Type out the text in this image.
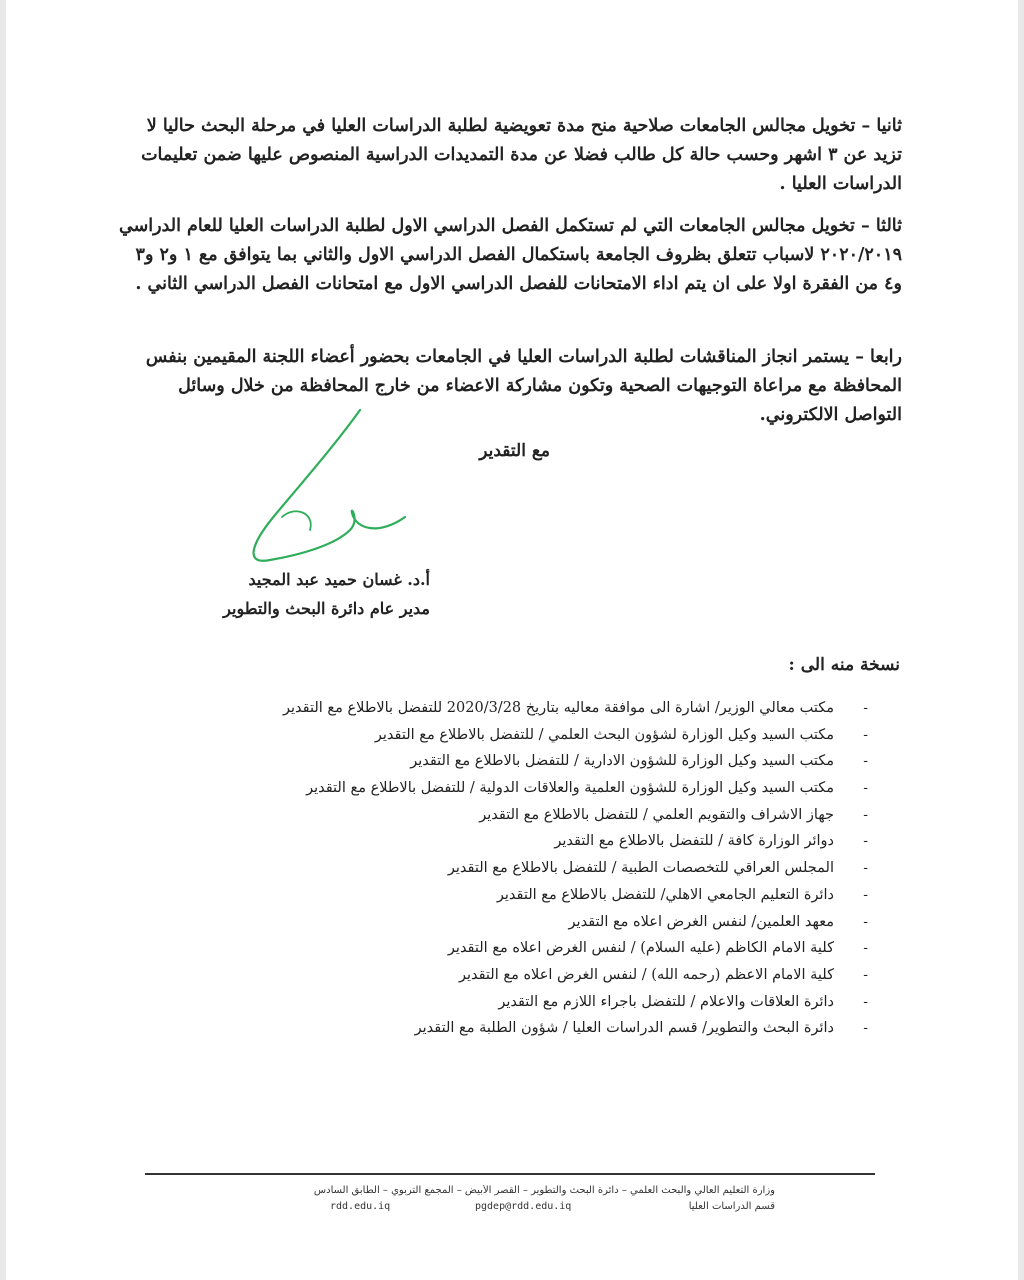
ثانيا – تخويل مجالس الجامعات صلاحية منح مدة تعويضية لطلبة الدراسات العليا في مرحلة البحث حاليا لا تزيد عن ٣ اشهر وحسب حالة كل طالب فضلا عن مدة التمديدات الدراسية المنصوص عليها ضمن تعليمات الدراسات العليا .
ثالثا – تخويل مجالس الجامعات التي لم تستكمل الفصل الدراسي الاول لطلبة الدراسات العليا للعام الدراسي ٢٠٢٠/٢٠١٩ لاسباب تتعلق بظروف الجامعة باستكمال الفصل الدراسي الاول والثاني بما يتوافق مع ١ و٢ و٣ و٤ من الفقرة اولا على ان يتم اداء الامتحانات للفصل الدراسي الاول مع امتحانات الفصل الدراسي الثاني .
رابعا – يستمر انجاز المناقشات لطلبة الدراسات العليا في الجامعات بحضور أعضاء اللجنة المقيمين بنفس المحافظة مع مراعاة التوجيهات الصحية وتكون مشاركة الاعضاء من خارج المحافظة من خلال وسائل التواصل الالكتروني.
مع التقدير
أ.د. غسان حميد عبد المجيد
مدير عام دائرة البحث والتطوير
نسخة منه الى :
-
مكتب معالي الوزير/ اشارة الى موافقة معاليه بتاريخ 2020/3/28 للتفضل بالاطلاع مع التقدير
-
مكتب السيد وكيل الوزارة لشؤون البحث العلمي / للتفضل بالاطلاع مع التقدير
-
مكتب السيد وكيل الوزارة للشؤون الادارية / للتفضل بالاطلاع مع التقدير
-
مكتب السيد وكيل الوزارة للشؤون العلمية والعلاقات الدولية / للتفضل بالاطلاع مع التقدير
-
جهاز الاشراف والتقويم العلمي / للتفضل بالاطلاع مع التقدير
-
دوائر الوزارة كافة / للتفضل بالاطلاع مع التقدير
-
المجلس العراقي للتخصصات الطبية / للتفضل بالاطلاع مع التقدير
-
دائرة التعليم الجامعي الاهلي/ للتفضل بالاطلاع مع التقدير
-
معهد العلمين/ لنفس الغرض اعلاه مع التقدير
-
كلية الامام الكاظم (عليه السلام) / لنفس الغرض اعلاه مع التقدير
-
كلية الامام الاعظم (رحمه الله) / لنفس الغرض اعلاه مع التقدير
-
دائرة العلاقات والاعلام / للتفضل باجراء اللازم مع التقدير
-
دائرة البحث والتطوير/ قسم الدراسات العليا / شؤون الطلبة مع التقدير
وزارة التعليم العالي والبحث العلمي – دائرة البحث والتطوير – القصر الأبيض – المجمع التربوي – الطابق السادس
قسم الدراسات العليا
pgdep@rdd.edu.iq
rdd.edu.iq
